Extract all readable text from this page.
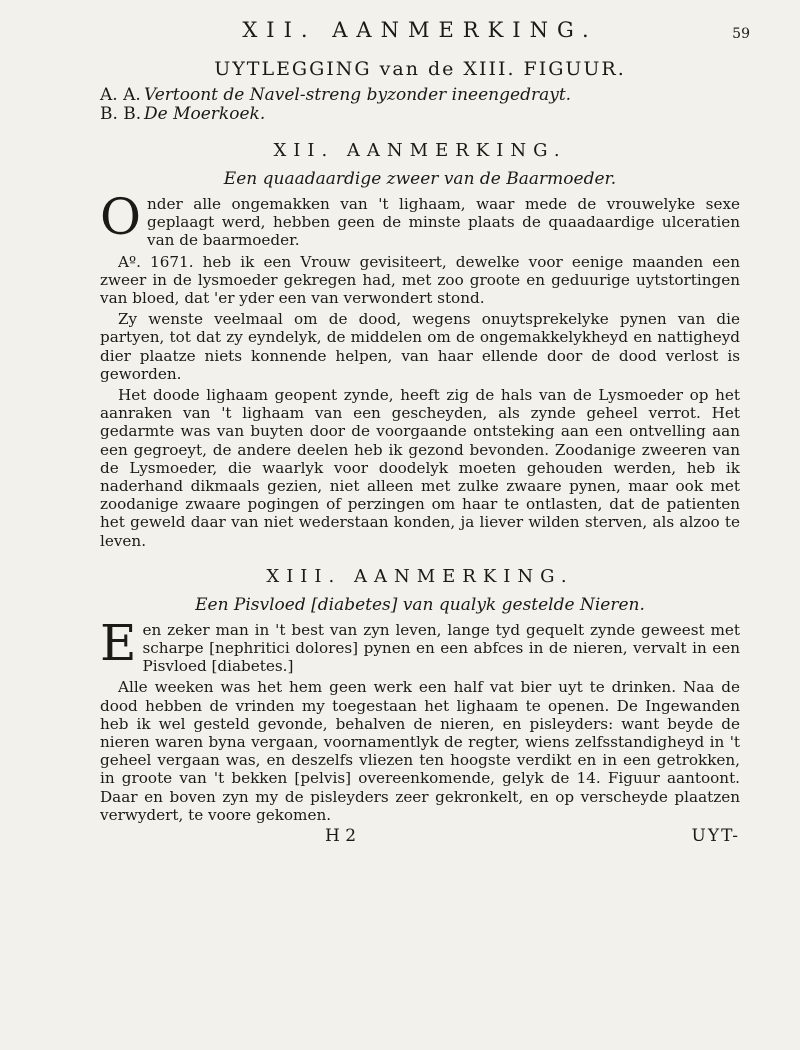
XII. AANMERKING.	59
UYTLEGGING van de XIII. FIGUUR.
A. A. Vertoont de Navel-streng byzonder ineengedrayt.
B. B. De Moerkoek.
XII. AANMERKING.
Een quaadaardige zweer van de Baarmoeder.

Onder alle ongemakken van 't lighaam, waar mede de vrouwelyke sexe geplaagt werd, hebben geen de minste plaats de quaadaardige ulceratien van de baarmoeder.

Aº. 1671. heb ik een Vrouw gevisiteert, dewelke voor eenige maanden een zweer in de lysmoeder gekregen had, met zoo groote en geduurige uytstortingen van bloed, dat 'er yder een van verwondert stond.

Zy wenste veelmaal om de dood, wegens onuytsprekelyke pynen van die partyen, tot dat zy eyndelyk, de middelen om de ongemakkelykheyd en nattigheyd dier plaatze niets konnende helpen, van haar ellende door de dood verlost is geworden.

Het doode lighaam geopent zynde, heeft zig de hals van de Lysmoeder op het aanraken van 't lighaam van een gescheyden, als zynde geheel verrot. Het gedarmte was van buyten door de voorgaande ontsteking aan een ontvelling aan een gegroeyt, de andere deelen heb ik gezond bevonden. Zoodanige zweeren van de Lysmoeder, die waarlyk voor doodelyk moeten gehouden werden, heb ik naderhand dikmaals gezien, niet alleen met zulke zwaare pynen, maar ook met zoodanige zwaare pogingen of perzingen om haar te ontlasten, dat de patienten het geweld daar van niet wederstaan konden, ja liever wilden sterven, als alzoo te leven.

XIII. AANMERKING.
Een Pisvloed [diabetes] van qualyk gestelde Nieren.

Een zeker man in 't best van zyn leven, lange tyd gequelt zynde geweest met scharpe [nephritici dolores] pynen en een abfces in de nieren, vervalt in een Pisvloed [diabetes.]

Alle weeken was het hem geen werk een half vat bier uyt te drinken. Naa de dood hebben de vrinden my toegestaan het lighaam te openen. De Ingewanden heb ik wel gesteld gevonde, behalven de nieren, en pisleyders: want beyde de nieren waren byna vergaan, voornamentlyk de regter, wiens zelfsstandigheyd in 't geheel vergaan was, en deszelfs vliezen ten hoogste verdikt en in een getrokken, in groote van 't bekken [pelvis] overeenkomende, gelyk de 14. Figuur aantoont. Daar en boven zyn my de pisleyders zeer gekronkelt, en op verscheyde plaatzen verwydert, te voore gekomen.

H 2	UYT-
